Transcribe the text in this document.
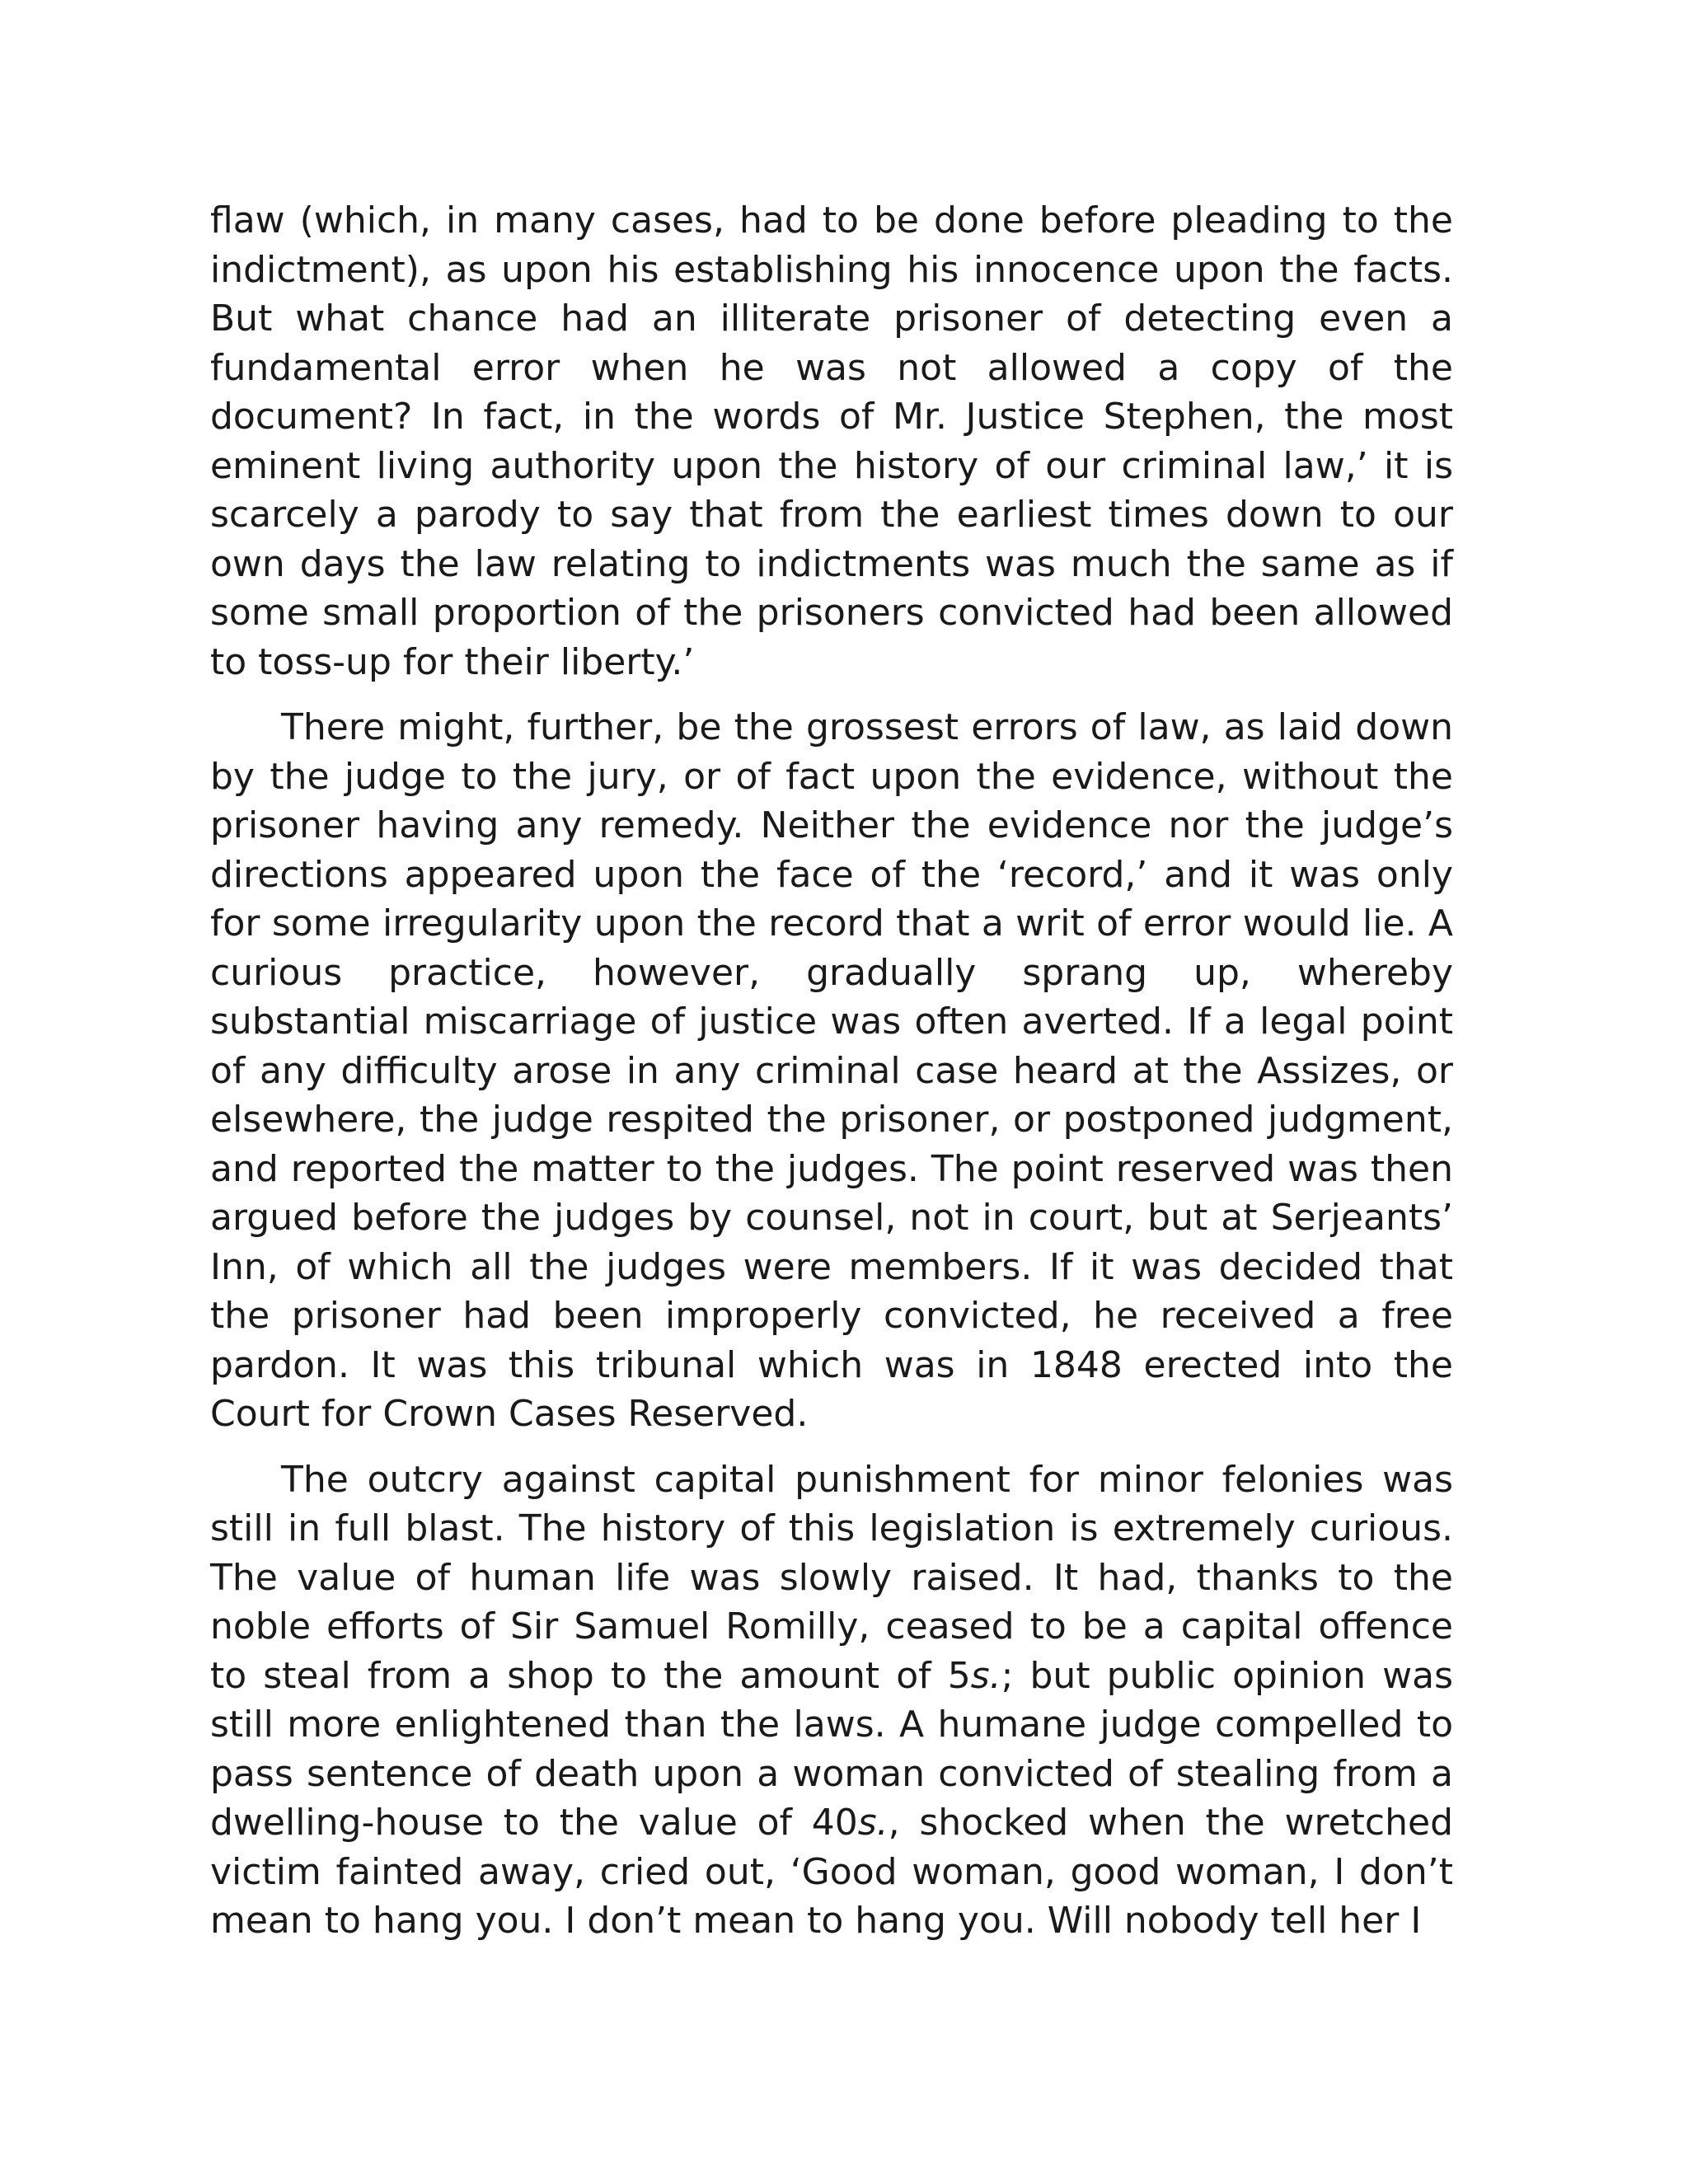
flaw (which, in many cases, had to be done before pleading to the indictment), as upon his establishing his innocence upon the facts. But what chance had an illiterate prisoner of detecting even a fundamental error when he was not allowed a copy of the document? In fact, in the words of Mr. Justice Stephen, the most eminent living authority upon the history of our criminal law,’ it is scarcely a parody to say that from the earliest times down to our own days the law relating to indictments was much the same as if some small proportion of the prisoners convicted had been allowed to toss-up for their liberty.’

There might, further, be the grossest errors of law, as laid down by the judge to the jury, or of fact upon the evidence, without the prisoner having any remedy. Neither the evidence nor the judge’s directions appeared upon the face of the ‘record,’ and it was only for some irregularity upon the record that a writ of error would lie. A curious practice, however, gradually sprang up, whereby substantial miscarriage of justice was often averted. If a legal point of any difficulty arose in any criminal case heard at the Assizes, or elsewhere, the judge respited the prisoner, or postponed judgment, and reported the matter to the judges. The point reserved was then argued before the judges by counsel, not in court, but at Serjeants’ Inn, of which all the judges were members. If it was decided that the prisoner had been improperly convicted, he received a free pardon. It was this tribunal which was in 1848 erected into the Court for Crown Cases Reserved.

The outcry against capital punishment for minor felonies was still in full blast. The history of this legislation is extremely curious. The value of human life was slowly raised. It had, thanks to the noble efforts of Sir Samuel Romilly, ceased to be a capital offence to steal from a shop to the amount of 5s.; but public opinion was still more enlightened than the laws. A humane judge compelled to pass sentence of death upon a woman convicted of stealing from a dwelling-house to the value of 40s., shocked when the wretched victim fainted away, cried out, ‘Good woman, good woman, I don’t mean to hang you. I don’t mean to hang you. Will nobody tell her I
